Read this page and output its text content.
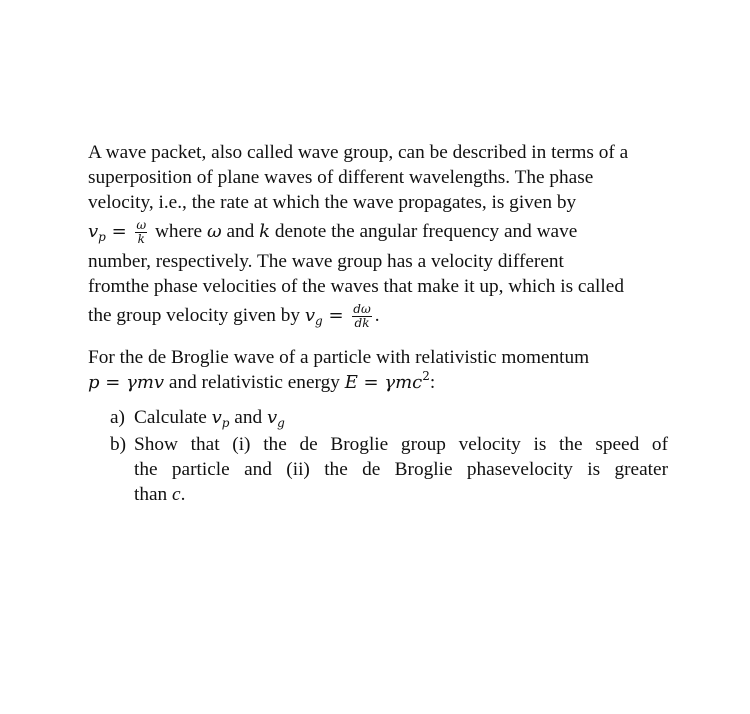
A wave packet, also called wave group, can be described in terms of a
superposition of plane waves of different wavelengths. The phase
velocity, i.e., the rate at which the wave propagates, is given by
$v_p = \frac{\omega}{k}$ where ω and k denote the angular frequency and wave
number, respectively. The wave group has a velocity different
fromthe phase velocities of the waves that make it up, which is called
the group velocity given by $v_g = \frac{d\omega}{dk}$ .

For the de Broglie wave of a particle with relativistic momentum
p = γmv and relativistic energy E = γmc$^2$:

a) Calculate $v_p$ and $v_g$
b) Show that (i) the de Broglie group velocity is the speed of
the particle and (ii) the de Broglie phasevelocity is greater
than c.
